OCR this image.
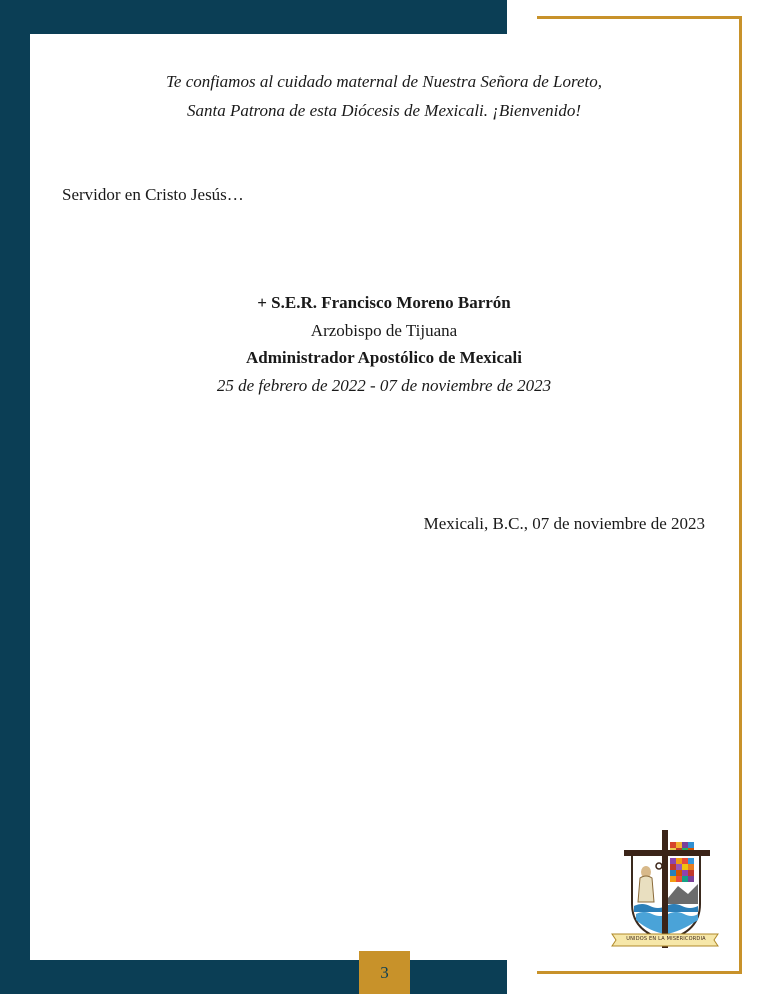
Te confiamos al cuidado maternal de Nuestra Señora de Loreto,
Santa Patrona de esta Diócesis de Mexicali. ¡Bienvenido!
Servidor en Cristo Jesús…
+ S.E.R. Francisco Moreno Barrón
Arzobispo de Tijuana
Administrador Apostólico de Mexicali
25 de febrero de 2022 - 07 de noviembre de 2023
Mexicali, B.C., 07 de noviembre de 2023
UNIDOS EN LA MISERICORDIA
3
